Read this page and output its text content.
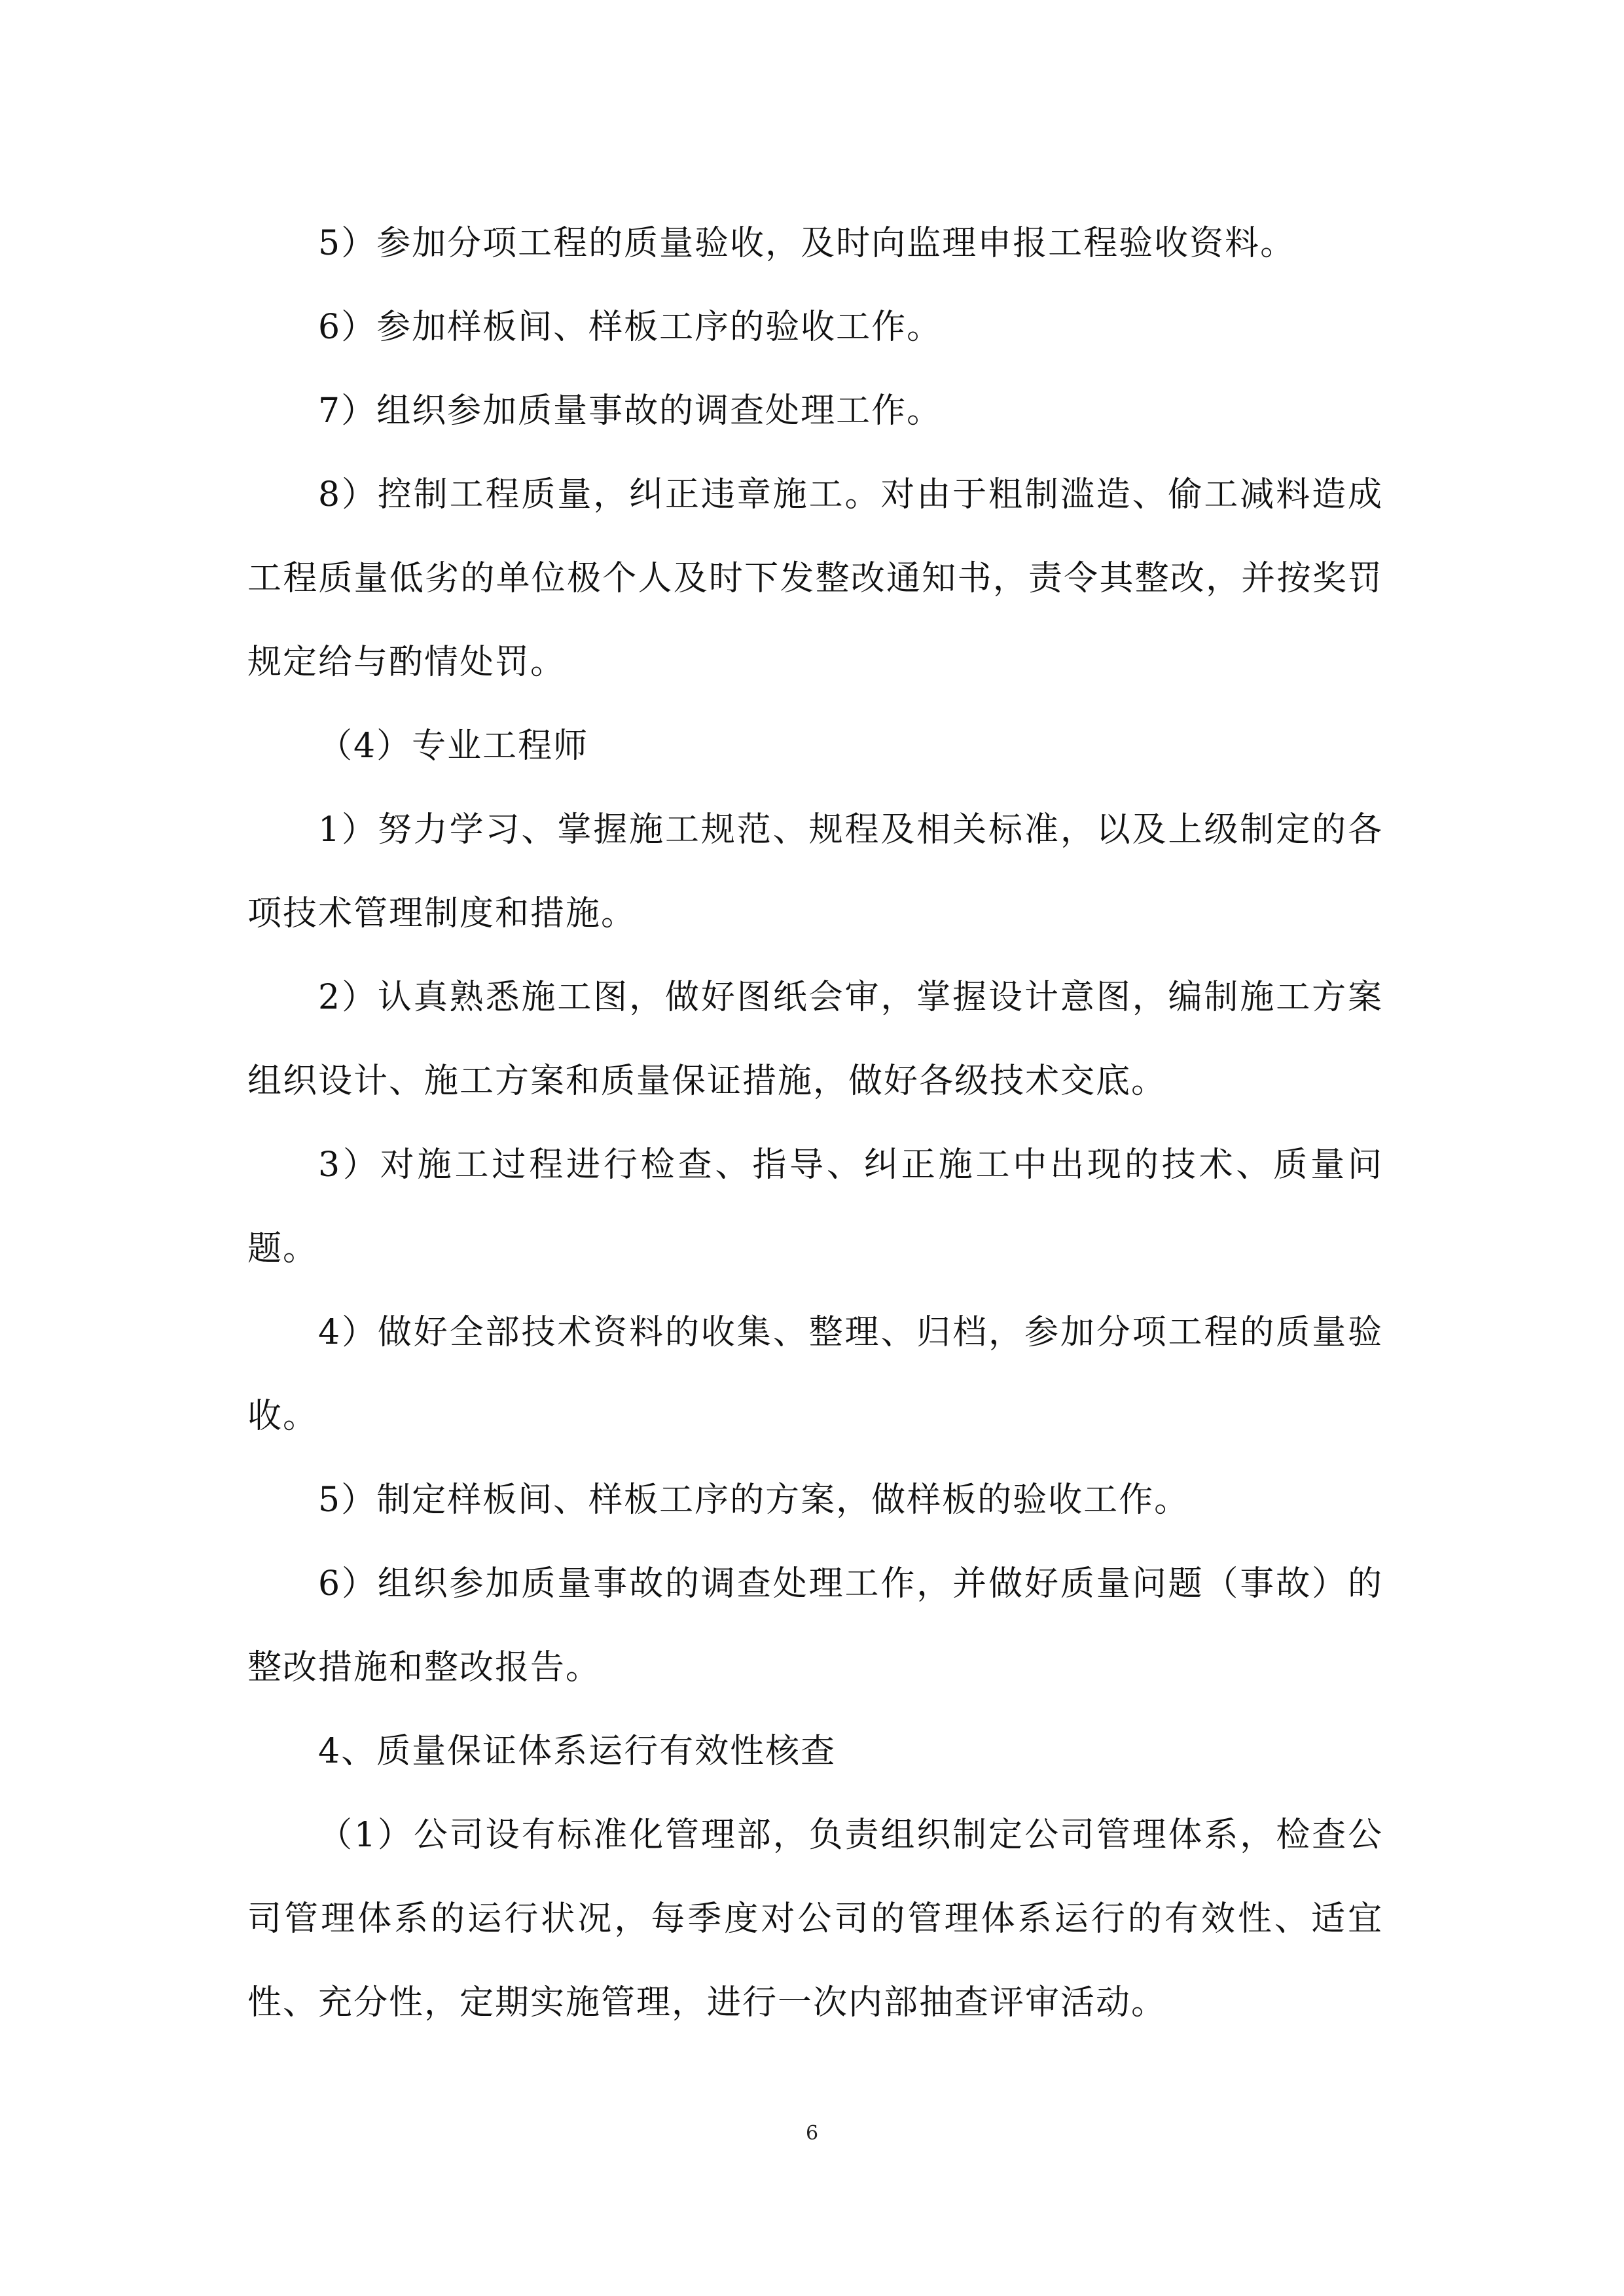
5）参加分项工程的质量验收，及时向监理申报工程验收资料。

6）参加样板间、样板工序的验收工作。

7）组织参加质量事故的调查处理工作。

8）控制工程质量，纠正违章施工。对由于粗制滥造、偷工减料造成工程质量低劣的单位极个人及时下发整改通知书，责令其整改，并按奖罚规定给与酌情处罚。

（4）专业工程师

1）努力学习、掌握施工规范、规程及相关标准，以及上级制定的各项技术管理制度和措施。

2）认真熟悉施工图，做好图纸会审，掌握设计意图，编制施工方案组织设计、施工方案和质量保证措施，做好各级技术交底。

3）对施工过程进行检查、指导、纠正施工中出现的技术、质量问题。

4）做好全部技术资料的收集、整理、归档，参加分项工程的质量验收。

5）制定样板间、样板工序的方案，做样板的验收工作。

6）组织参加质量事故的调查处理工作，并做好质量问题（事故）的整改措施和整改报告。

4、质量保证体系运行有效性核查

（1）公司设有标准化管理部，负责组织制定公司管理体系，检查公司管理体系的运行状况，每季度对公司的管理体系运行的有效性、适宜性、充分性，定期实施管理，进行一次内部抽查评审活动。

6
